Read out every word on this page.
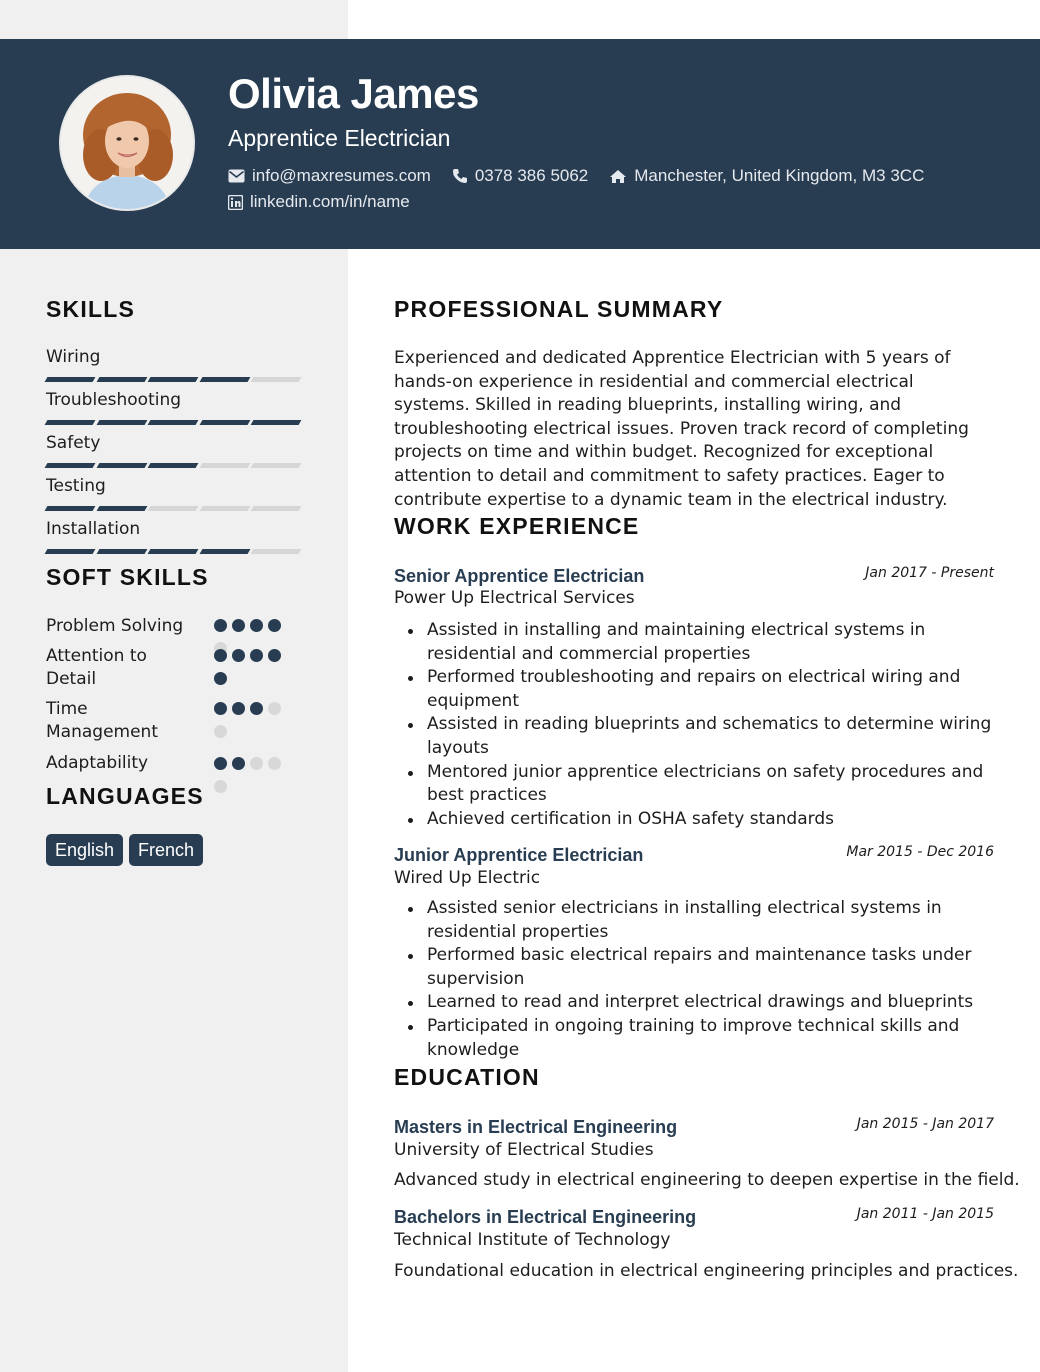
Olivia James
Apprentice Electrician
info@maxresumes.com	0378 386 5062	Manchester, United Kingdom, M3 3CC
linkedin.com/in/name
SKILLS
Wiring
Troubleshooting
Safety
Testing
Installation
SOFT SKILLS
Problem Solving
Attention to Detail
Time Management
Adaptability
LANGUAGES
English	French
PROFESSIONAL SUMMARY
Experienced and dedicated Apprentice Electrician with 5 years of hands-on experience in residential and commercial electrical systems. Skilled in reading blueprints, installing wiring, and troubleshooting electrical issues. Proven track record of completing projects on time and within budget. Recognized for exceptional attention to detail and commitment to safety practices. Eager to contribute expertise to a dynamic team in the electrical industry.
WORK EXPERIENCE
Senior Apprentice Electrician	Jan 2017 - Present
Power Up Electrical Services
Assisted in installing and maintaining electrical systems in residential and commercial properties
Performed troubleshooting and repairs on electrical wiring and equipment
Assisted in reading blueprints and schematics to determine wiring layouts
Mentored junior apprentice electricians on safety procedures and best practices
Achieved certification in OSHA safety standards
Junior Apprentice Electrician	Mar 2015 - Dec 2016
Wired Up Electric
Assisted senior electricians in installing electrical systems in residential properties
Performed basic electrical repairs and maintenance tasks under supervision
Learned to read and interpret electrical drawings and blueprints
Participated in ongoing training to improve technical skills and knowledge
EDUCATION
Masters in Electrical Engineering	Jan 2015 - Jan 2017
University of Electrical Studies
Advanced study in electrical engineering to deepen expertise in the field.
Bachelors in Electrical Engineering	Jan 2011 - Jan 2015
Technical Institute of Technology
Foundational education in electrical engineering principles and practices.
